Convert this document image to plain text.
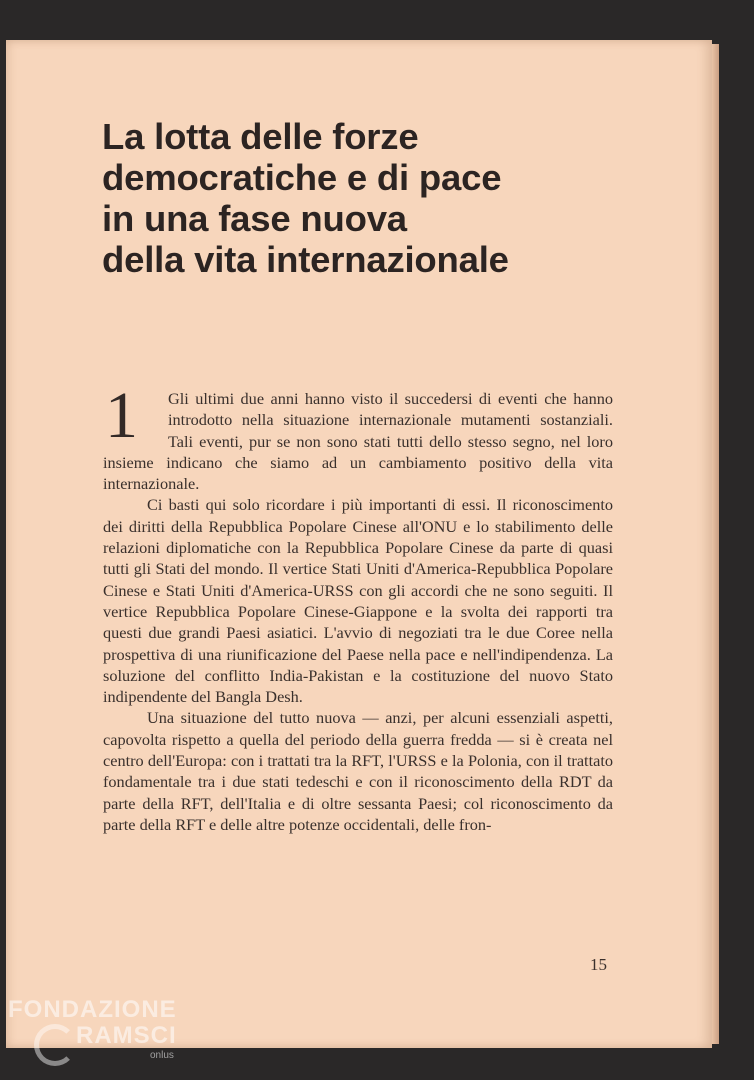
La lotta delle forze
democratiche e di pace
in una fase nuova
della vita internazionale

1 Gli ultimi due anni hanno visto il succedersi di eventi che hanno introdotto nella situazione internazionale mutamenti sostanziali. Tali eventi, pur se non sono stati tutti dello stesso segno, nel loro insieme indicano che siamo ad un cambiamento positivo della vita internazionale.

Ci basti qui solo ricordare i più importanti di essi. Il riconoscimento dei diritti della Repubblica Popolare Cinese all'ONU e lo stabilimento delle relazioni diplomatiche con la Repubblica Popolare Cinese da parte di quasi tutti gli Stati del mondo. Il vertice Stati Uniti d'America-Repubblica Popolare Cinese e Stati Uniti d'America-URSS con gli accordi che ne sono seguiti. Il vertice Repubblica Popolare Cinese-Giappone e la svolta dei rapporti tra questi due grandi Paesi asiatici. L'avvio di negoziati tra le due Coree nella prospettiva di una riunificazione del Paese nella pace e nell'indipendenza. La soluzione del conflitto India-Pakistan e la costituzione del nuovo Stato indipendente del Bangla Desh.

Una situazione del tutto nuova — anzi, per alcuni essenziali aspetti, capovolta rispetto a quella del periodo della guerra fredda — si è creata nel centro dell'Europa: con i trattati tra la RFT, l'URSS e la Polonia, con il trattato fondamentale tra i due stati tedeschi e con il riconoscimento della RDT da parte della RFT, dell'Italia e di oltre sessanta Paesi; col riconoscimento da parte della RFT e delle altre potenze occidentali, delle fron-

15
FONDAZIONE
RAMSCI
onlus
